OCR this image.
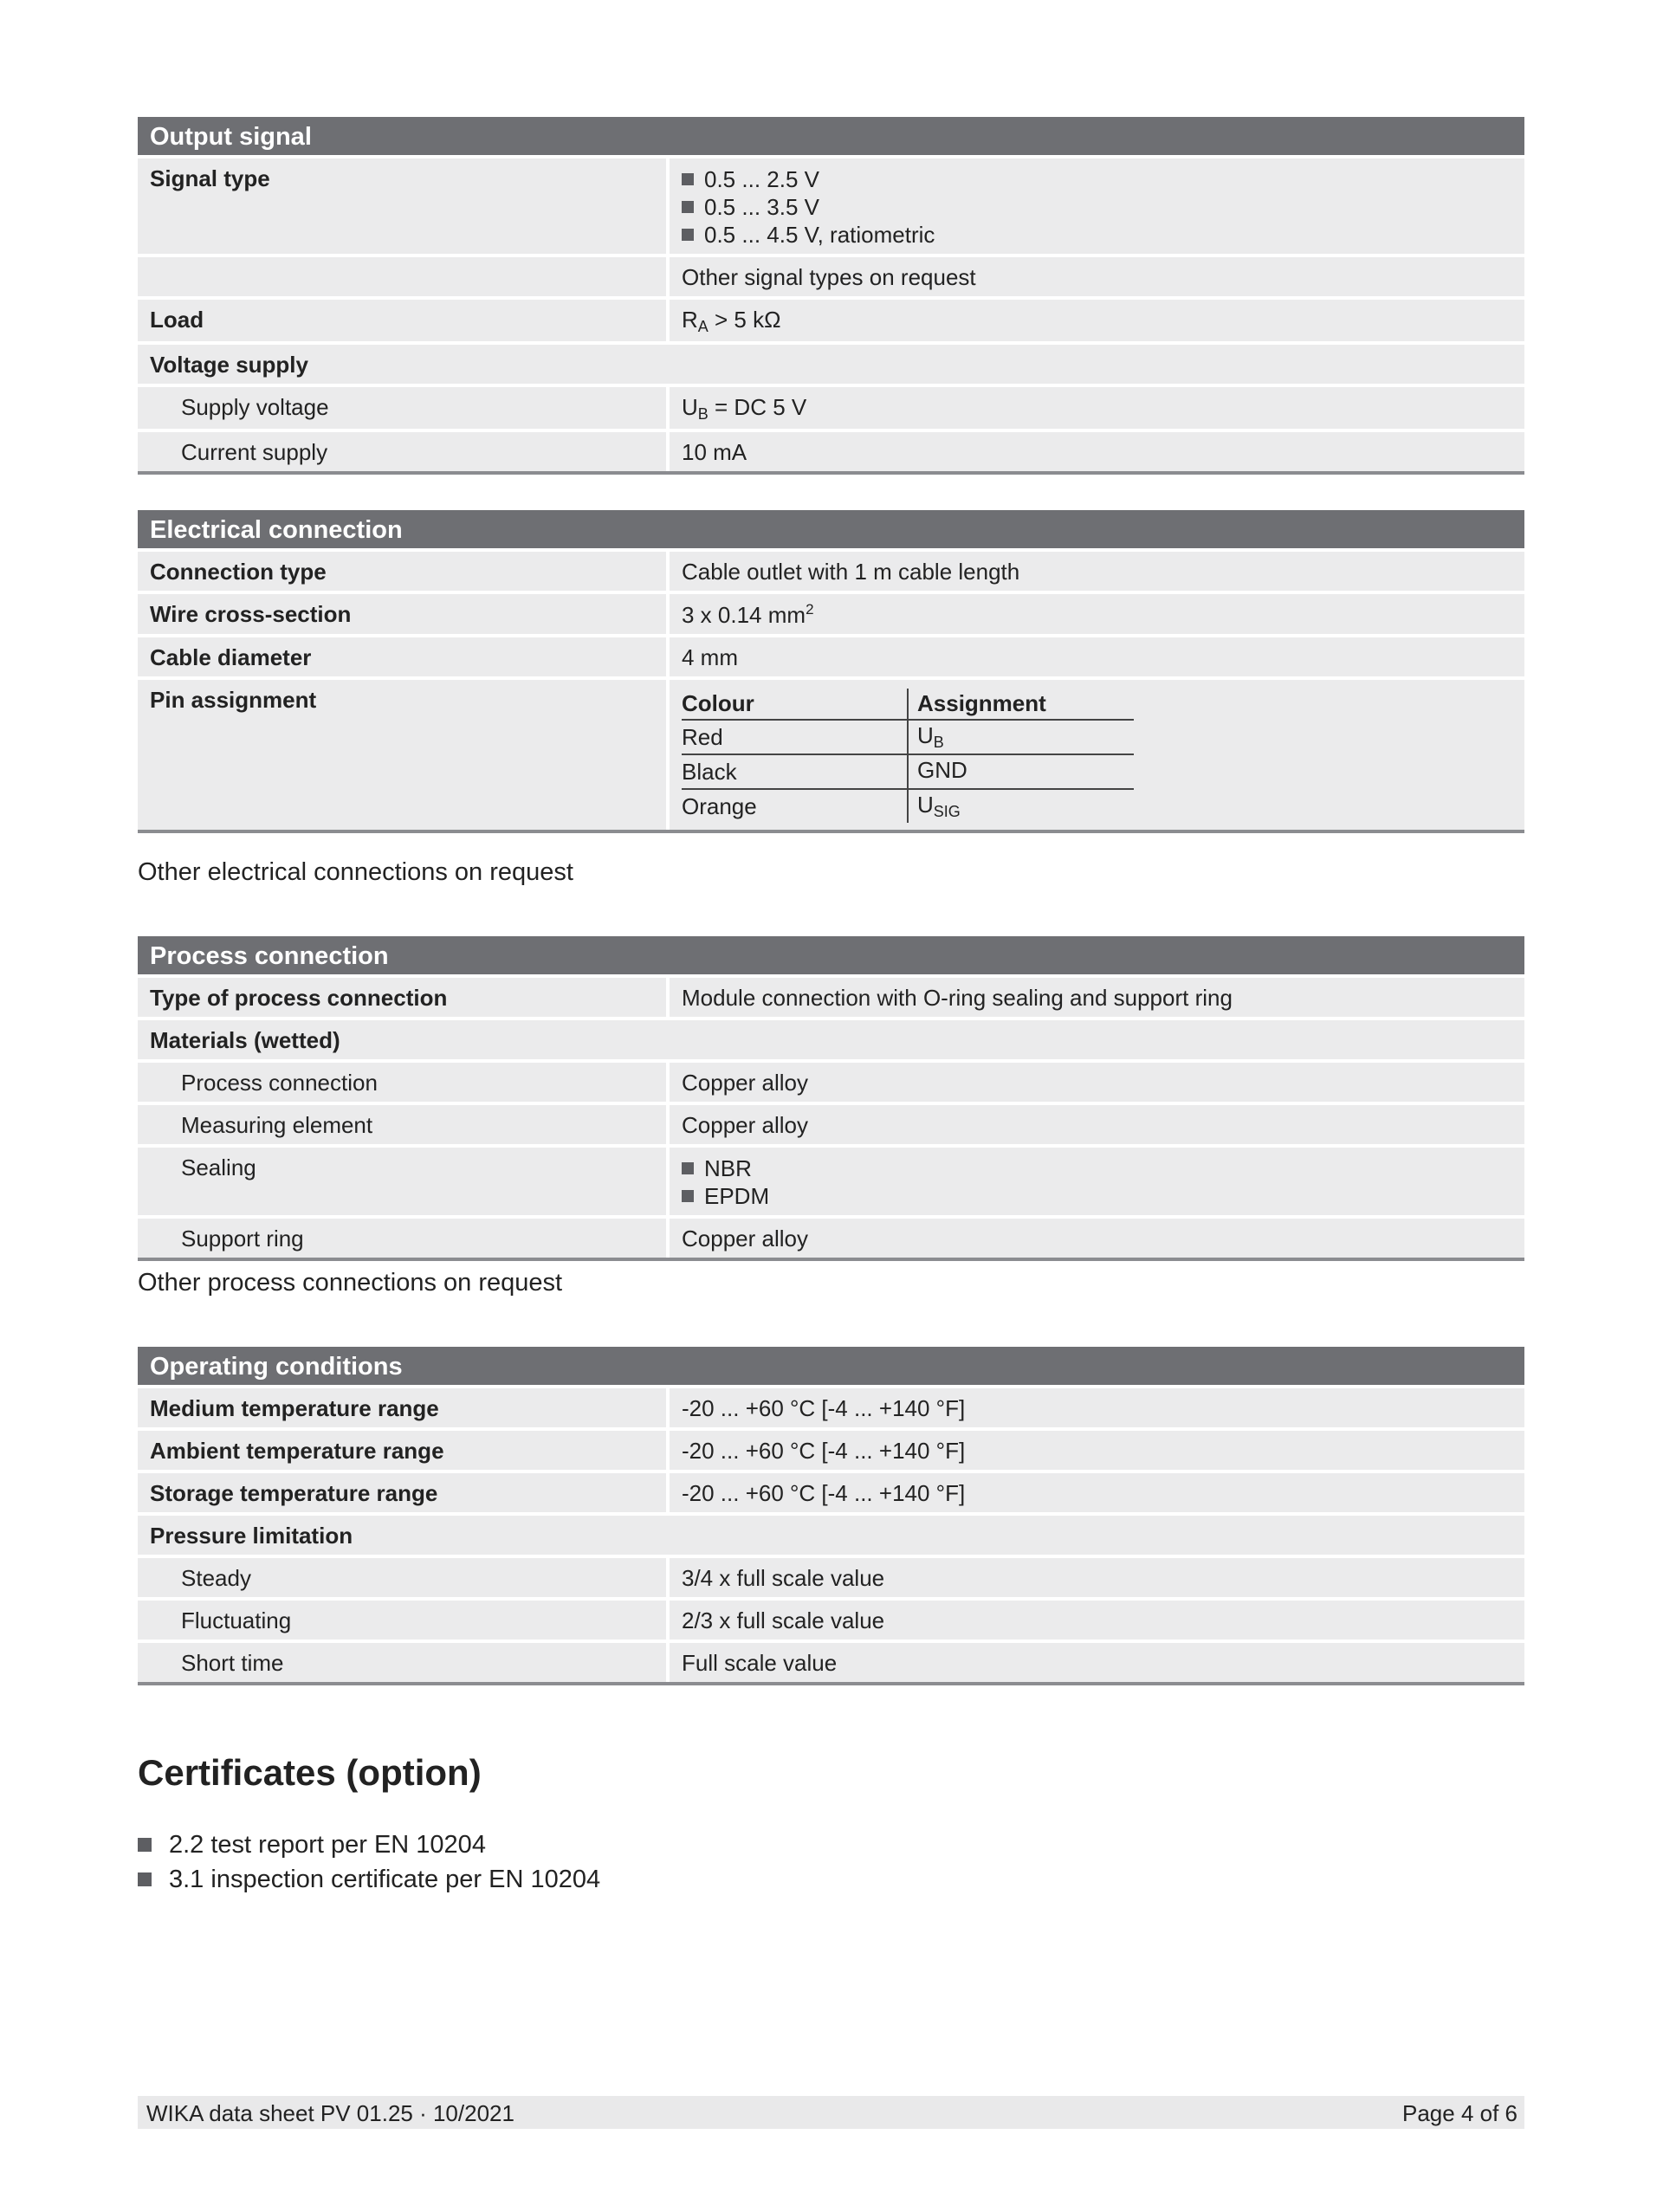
Output signal
Signal type	0.5 ... 2.5 V
0.5 ... 3.5 V
0.5 ... 4.5 V, ratiometric
Other signal types on request
Load	$R_A > 5$ kΩ
Voltage supply
Supply voltage	$U_B$ = DC 5 V
Current supply	10 mA
Electrical connection
Connection type	Cable outlet with 1 m cable length
Wire cross-section	3 x 0.14 $mm^2$
Cable diameter	4 mm
Pin assignment	Colour	Assignment
Red	$U_B$
Black	GND
Orange	$U_{SIG}$
Other electrical connections on request
Process connection
Type of process connection	Module connection with O-ring sealing and support ring
Materials (wetted)
Process connection	Copper alloy
Measuring element	Copper alloy
Sealing	NBR
EPDM
Support ring	Copper alloy
Other process connections on request
Operating conditions
Medium temperature range	-20 ... +60 °C [-4 ... +140 °F]
Ambient temperature range	-20 ... +60 °C [-4 ... +140 °F]
Storage temperature range	-20 ... +60 °C [-4 ... +140 °F]
Pressure limitation
Steady	3/4 x full scale value
Fluctuating	2/3 x full scale value
Short time	Full scale value
Certificates (option)
2.2 test report per EN 10204
3.1 inspection certificate per EN 10204
WIKA data sheet PV 01.25 · 10/2021	Page 4 of 6
